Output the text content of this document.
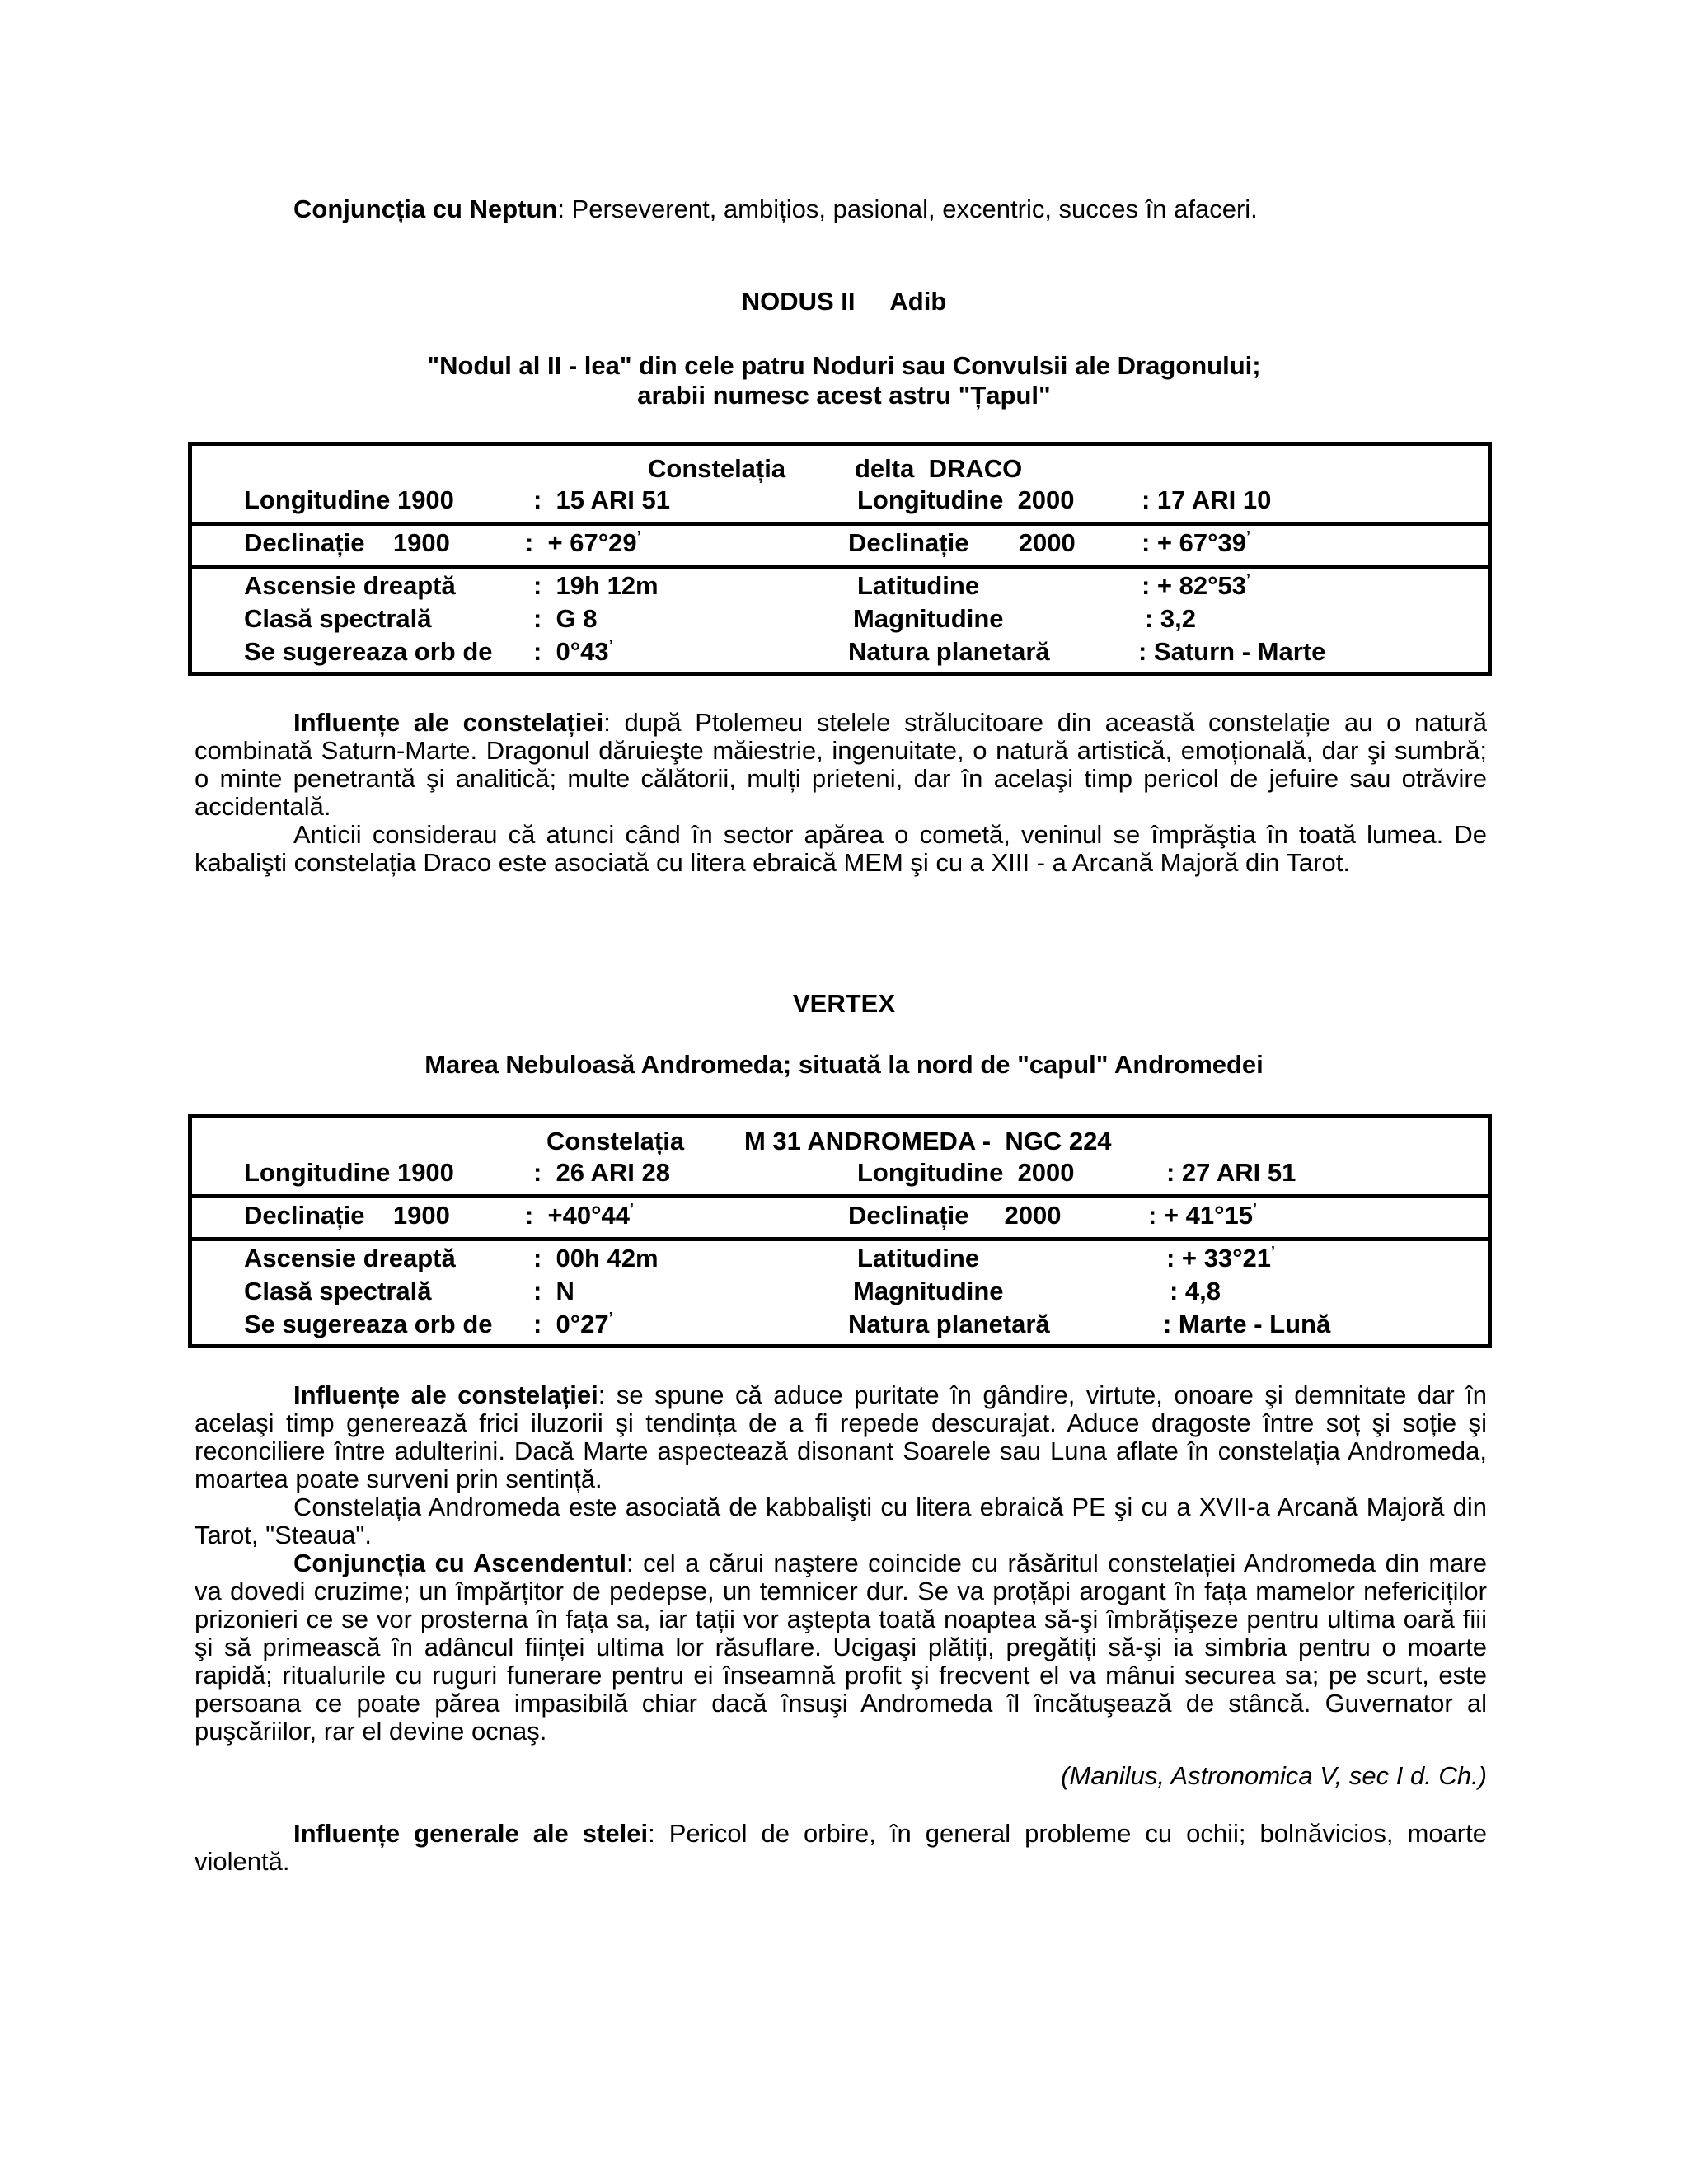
Conjuncția cu Neptun: Perseverent, ambițios, pasional, excentric, succes în afaceri.
NODUS II     Adib
"Nodul al II - lea" din cele patru Noduri sau Convulsii ale Dragonului;
arabii numesc acest astru "Țapul"
Constelația	delta  DRACO
Longitudine 1900	:  15 ARI 51	Longitudine  2000	: 17 ARI 10
Declinație    1900	:  + 67°29’	Declinație       2000	: + 67°39’
Ascensie dreaptă	:  19h 12m	Latitudine	: + 82°53’
Clasă spectrală	:  G 8	Magnitudine	: 3,2
Se sugereaza orb de :  0°43’	Natura planetară	: Saturn - Marte

Influențe ale constelației: după Ptolemeu stelele strălucitoare din această constelație au o natură combinată Saturn-Marte. Dragonul dăruieşte măiestrie, ingenuitate, o natură artistică, emoțională, dar şi sumbră; o minte penetrantă şi analitică; multe călătorii, mulți prieteni, dar în acelaşi timp pericol de jefuire sau otrăvire accidentală.

Anticii considerau că atunci când în sector apărea o cometă, veninul se împrăştia în toată lumea. De kabalişti constelația Draco este asociată cu litera ebraică MEM şi cu a XIII - a Arcană Majoră din Tarot.

VERTEX
Marea Nebuloasă Andromeda; situată la nord de "capul" Andromedei
Constelația M 31 ANDROMEDA -  NGC 224
Longitudine 1900	:  26 ARI 28	Longitudine  2000	: 27 ARI 51
Declinație    1900	:  +40°44’	Declinație     2000	: + 41°15’
Ascensie dreaptă	:  00h 42m	Latitudine	: + 33°21’
Clasă spectrală	:  N	Magnitudine	: 4,8
Se sugereaza orb de :  0°27’	Natura planetară	: Marte - Lună

Influențe ale constelației: se spune că aduce puritate în gândire, virtute, onoare şi demnitate dar în acelaşi timp generează frici iluzorii şi tendința de a fi repede descurajat. Aduce dragoste între soț şi soție şi reconciliere între adulterini. Dacă Marte aspectează disonant Soarele sau Luna aflate în constelația Andromeda, moartea poate surveni prin sentință.

Constelația Andromeda este asociată de kabbalişti cu litera ebraică PE şi cu a XVII-a Arcană Majoră din Tarot, "Steaua".

Conjuncția cu Ascendentul: cel a cărui naştere coincide cu răsăritul constelației Andromeda din mare va dovedi cruzime; un împărțitor de pedepse, un temnicer dur. Se va proțăpi arogant în fața mamelor nefericiților prizonieri ce se vor prosterna în fața sa, iar tații vor aştepta toată noaptea să-şi îmbrățişeze pentru ultima oară fiii şi să primească în adâncul ființei ultima lor răsuflare. Ucigaşi plătiți, pregătiți să-şi ia simbria pentru o moarte rapidă; ritualurile cu ruguri funerare pentru ei înseamnă profit şi frecvent el va mânui securea sa; pe scurt, este persoana ce poate părea impasibilă chiar dacă însuşi Andromeda îl încătuşează de stâncă. Guvernator al puşcăriilor, rar el devine ocnaş.

(Manilus, Astronomica V, sec I d. Ch.)

Influențe generale ale stelei: Pericol de orbire, în general probleme cu ochii; bolnăvicios, moarte violentă.
